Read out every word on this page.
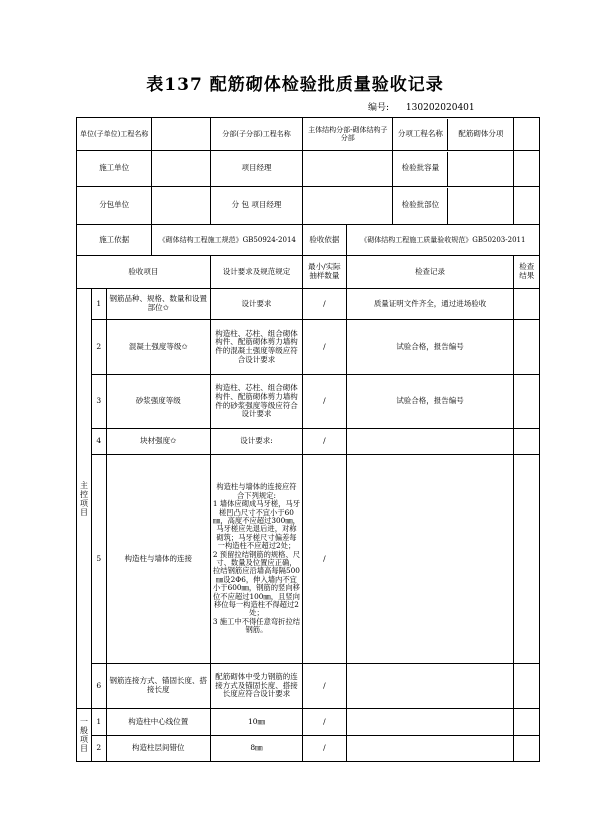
表137 配筋砌体检验批质量验收记录
编号: 130202020401
单位(子单位)工程名称				分部(子分部)工程名称	主体结构分部-砌体结构子分部		分项工程名称 配筋砌体分项	

施工单位				项目经理			检验批容量	

分包单位				分 包 项目经理			检验批部位	

施工依据			《砌体结构工程施工规范》GB50924-2014		验收依据	《砌体结构工程施工质量验收规范》GB50203-2011		
验收项目				设计要求及规范规定	最小/实际抽样数量	检查记录		检查结果
主控项目	1	钢筋品种、规格、数量和设置部位✩		设计要求	/	质量证明文件齐全，通过进场验收		
	2	混凝土强度等级✩		构造柱、芯柱、组合砌体构件、配筋砌体剪力墙构件的混凝土强度等级应符合设计要求	/	试验合格，报告编号		
	3	砂浆强度等级		构造柱、芯柱、组合砌体构件、配筋砌体剪力墙构件的砂浆强度等级应符合设计要求	/	试验合格，报告编号		
	4	块材强度✩		设计要求:	/			
	5	构造柱与墙体的连接		构造柱与墙体的连接应符合下列规定:
1 墙体应砌成马牙槎，马牙槎凹凸尺寸不宜小于60㎜，高度不应超过300㎜，马牙槎应先退后进，对称砌筑；马牙槎尺寸偏差每一构造柱不应超过2处；
2 预留拉结钢筋的规格、尺寸、数量及位置应正确，拉结钢筋应沿墙高每隔500㎜设2Φ6，伸入墙内不宜小于600㎜，钢筋的竖向移位不应超过100㎜，且竖向移位每一构造柱不得超过2处；
3 施工中不得任意弯折拉结钢筋。	/			
	6	钢筋连接方式、锚固长度、搭接长度		配筋砌体中受力钢筋的连接方式及锚固长度、搭接长度应符合设计要求	/			
一般项目	1	构造柱中心线位置		10㎜	/			
	2	构造柱层间错位		8㎜	/			
